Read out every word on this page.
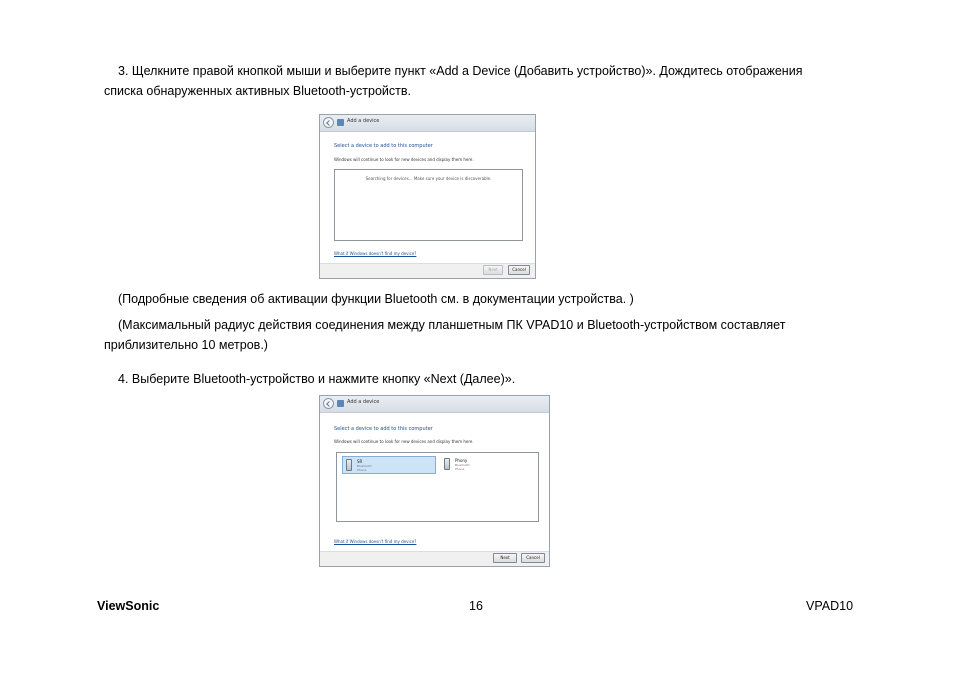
3. Щелкните правой кнопкой мыши и выберите пункт «Add a Device (Добавить устройство)». Дождитесь отображения
списка обнаруженных активных Bluetooth-устройств.
Add a device
Select a device to add to this computer
Windows will continue to look for new devices and display them here.
Searching for devices... Make sure your device is discoverable.
What if Windows doesn't find my device?
Next	Cancel
(Подробные сведения об активации функции Bluetooth см. в документации устройства. )
(Максимальный радиус действия соединения между планшетным ПК VPAD10 и Bluetooth-устройством составляет
приблизительно 10 метров.)
4. Выберите Bluetooth-устройство и нажмите кнопку «Next (Далее)».
Add a device
Select a device to add to this computer
Windows will continue to look for new devices and display them here.
SR
Bluetooth
Phone
Phony
Bluetooth
Phone
What if Windows doesn't find my device?
Next	Cancel
ViewSonic	16	VPAD10
